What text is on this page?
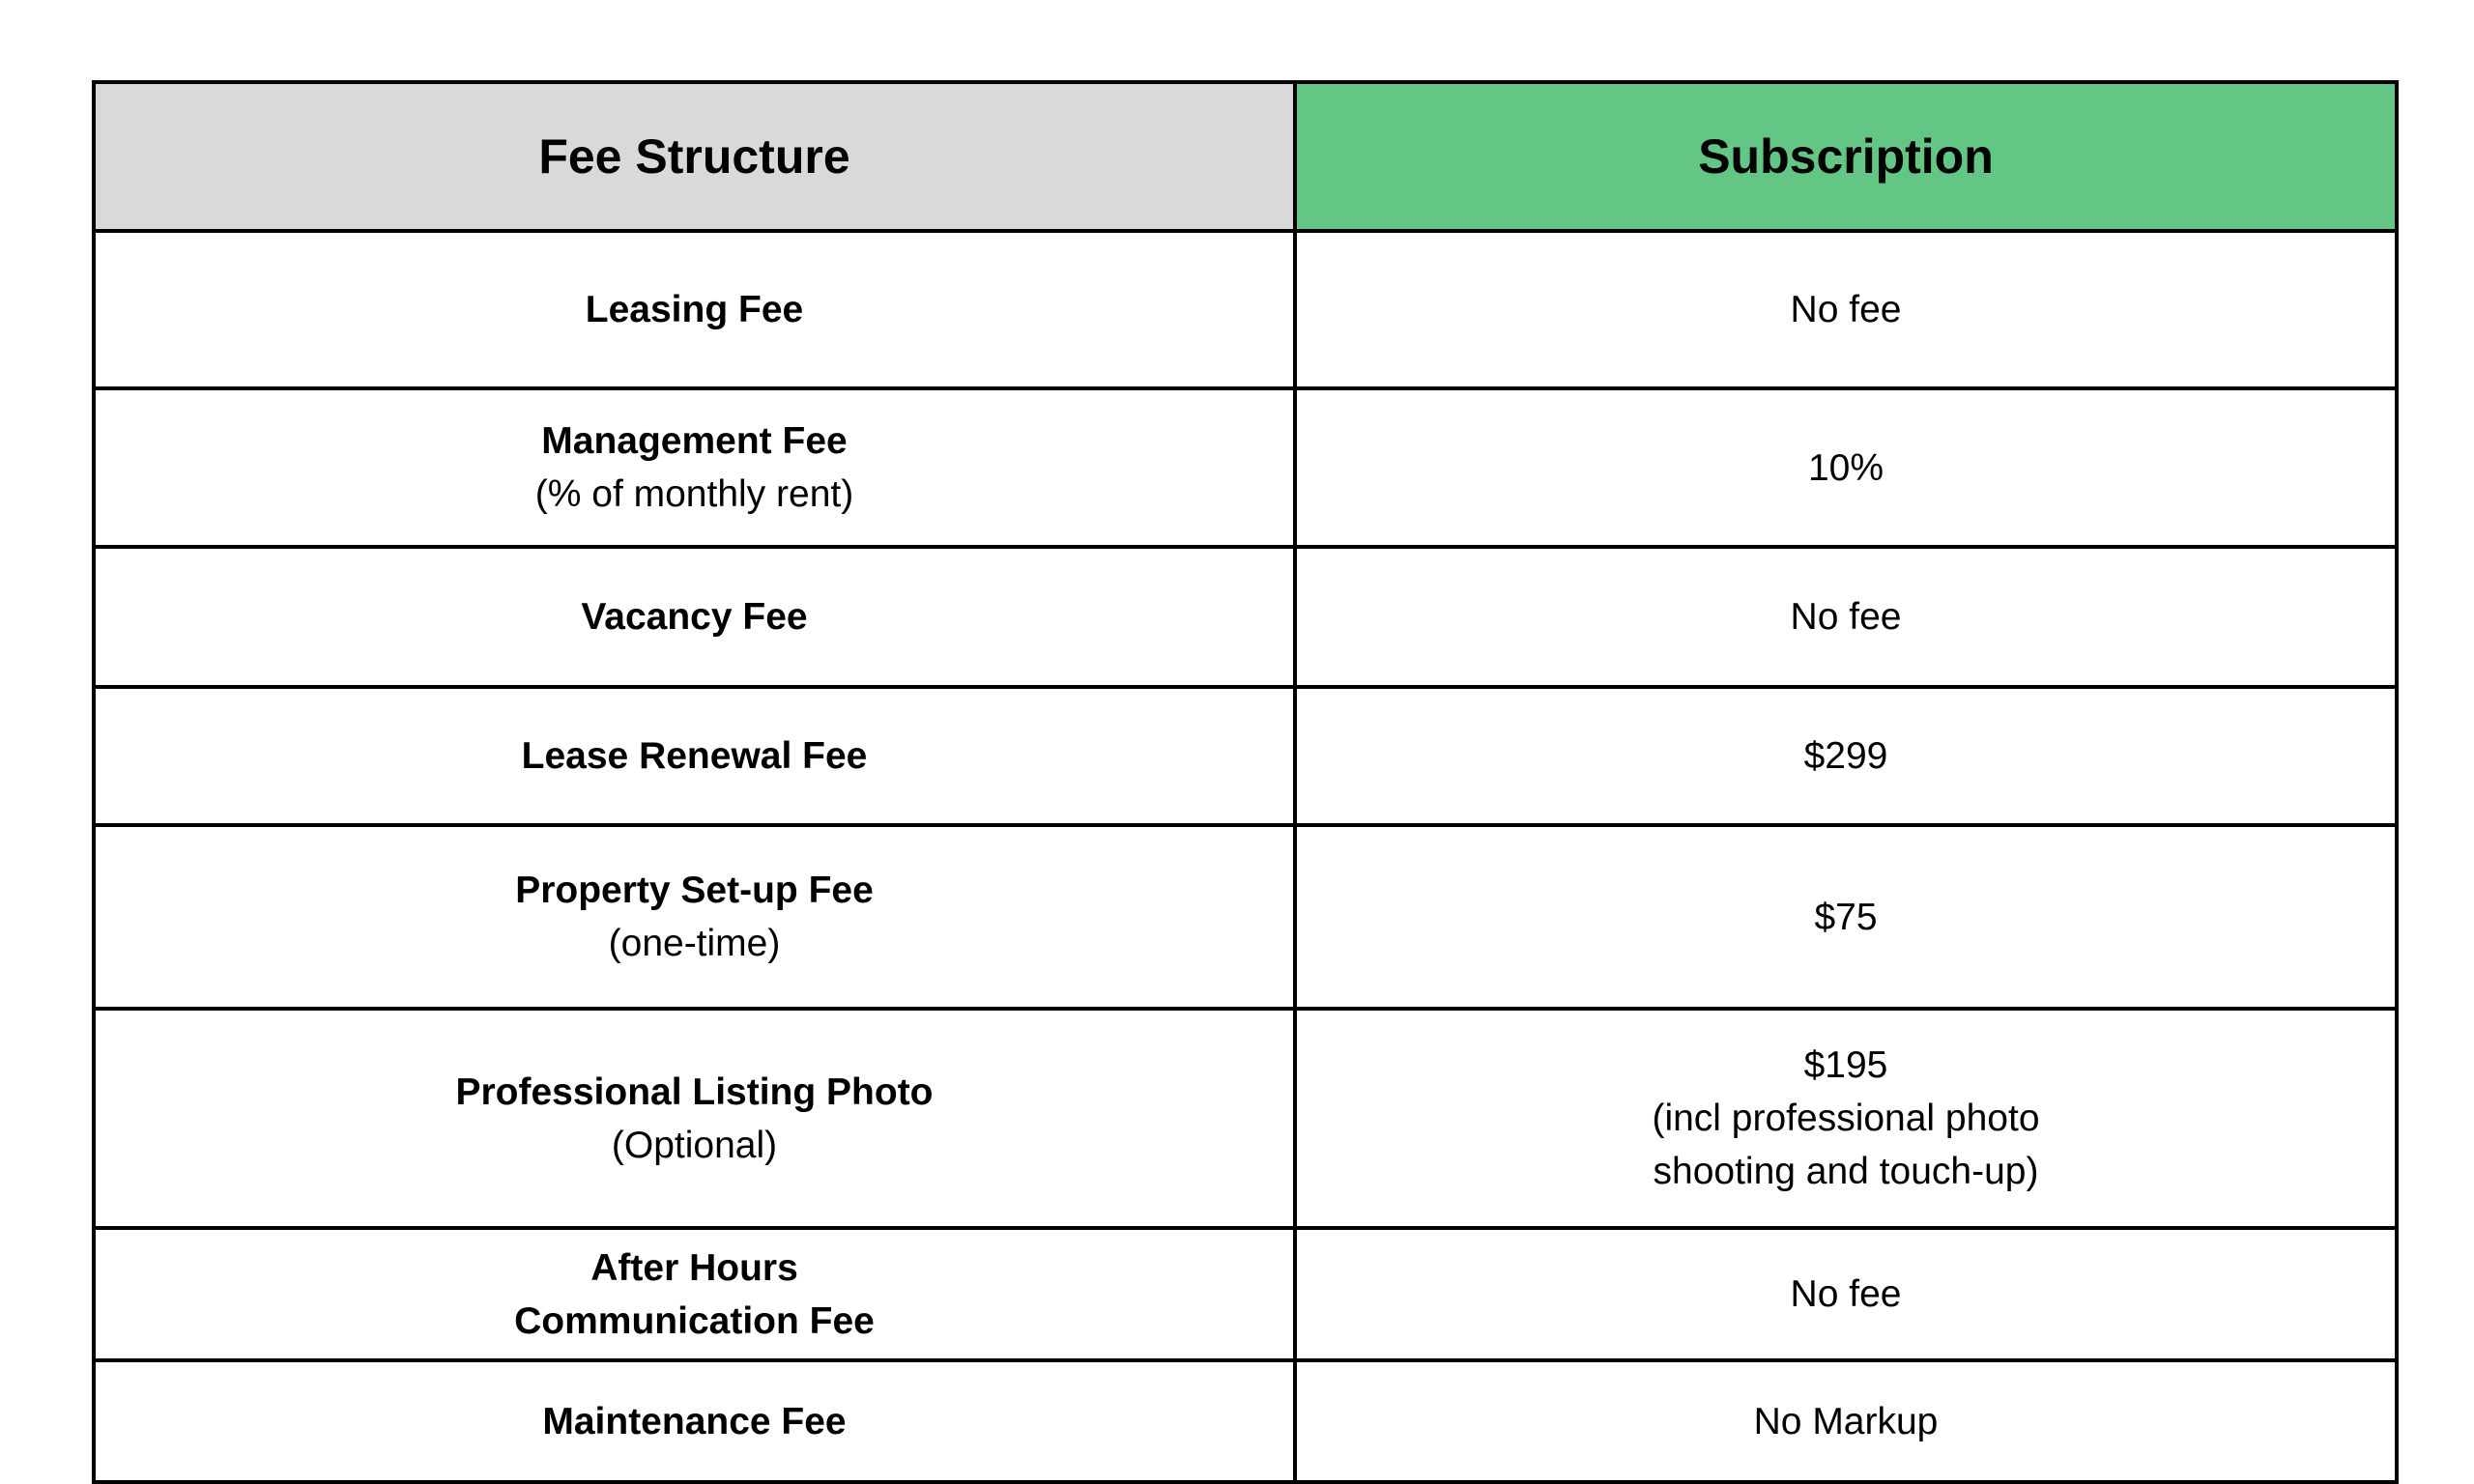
Fee Structure	Subscription

Leasing Fee	No fee

Management Fee
(% of monthly rent)	10%

Vacancy Fee	No fee

Lease Renewal Fee	$299

Property Set-up Fee
(one-time)	$75

Professional Listing Photo
(Optional)	$195
(incl professional photo
shooting and touch-up)

After Hours
Communication Fee	No fee

Maintenance Fee	No Markup
